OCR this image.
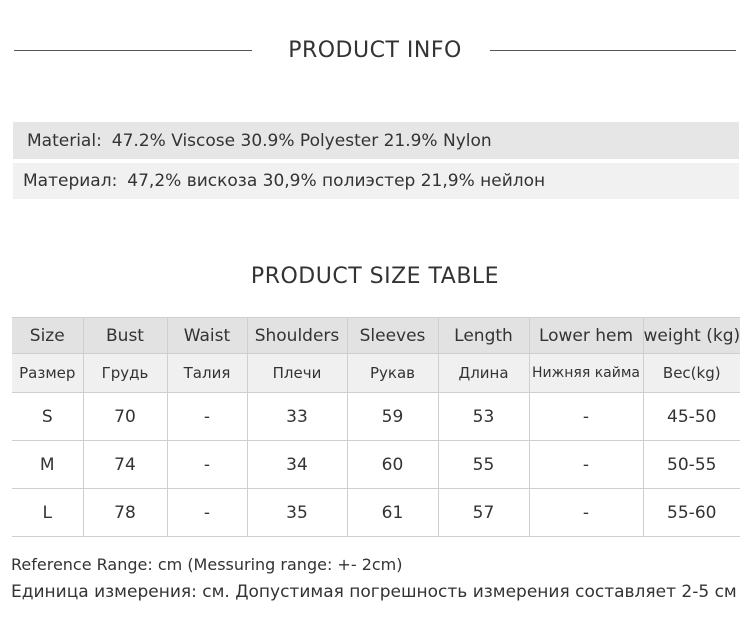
PRODUCT INFO
Material: 47.2% Viscose 30.9% Polyester 21.9% Nylon
Материал: 47,2% вискоза 30,9% полиэстер 21,9% нейлон
PRODUCT SIZE TABLE
Size	Bust	Waist	Shoulders	Sleeves	Length	Lower hem	weight (kg)
Размер	Грудь	Талия	Плечи	Рукав	Длина	Нижняя кайма	Вес(kg)
S	70	-	33	59	53	-	45-50
M	74	-	34	60	55	-	50-55
L	78	-	35	61	57	-	55-60
Reference Range: cm (Messuring range: +- 2cm)
Единица измерения: см. Допустимая погрешность измерения составляет 2-5 см
